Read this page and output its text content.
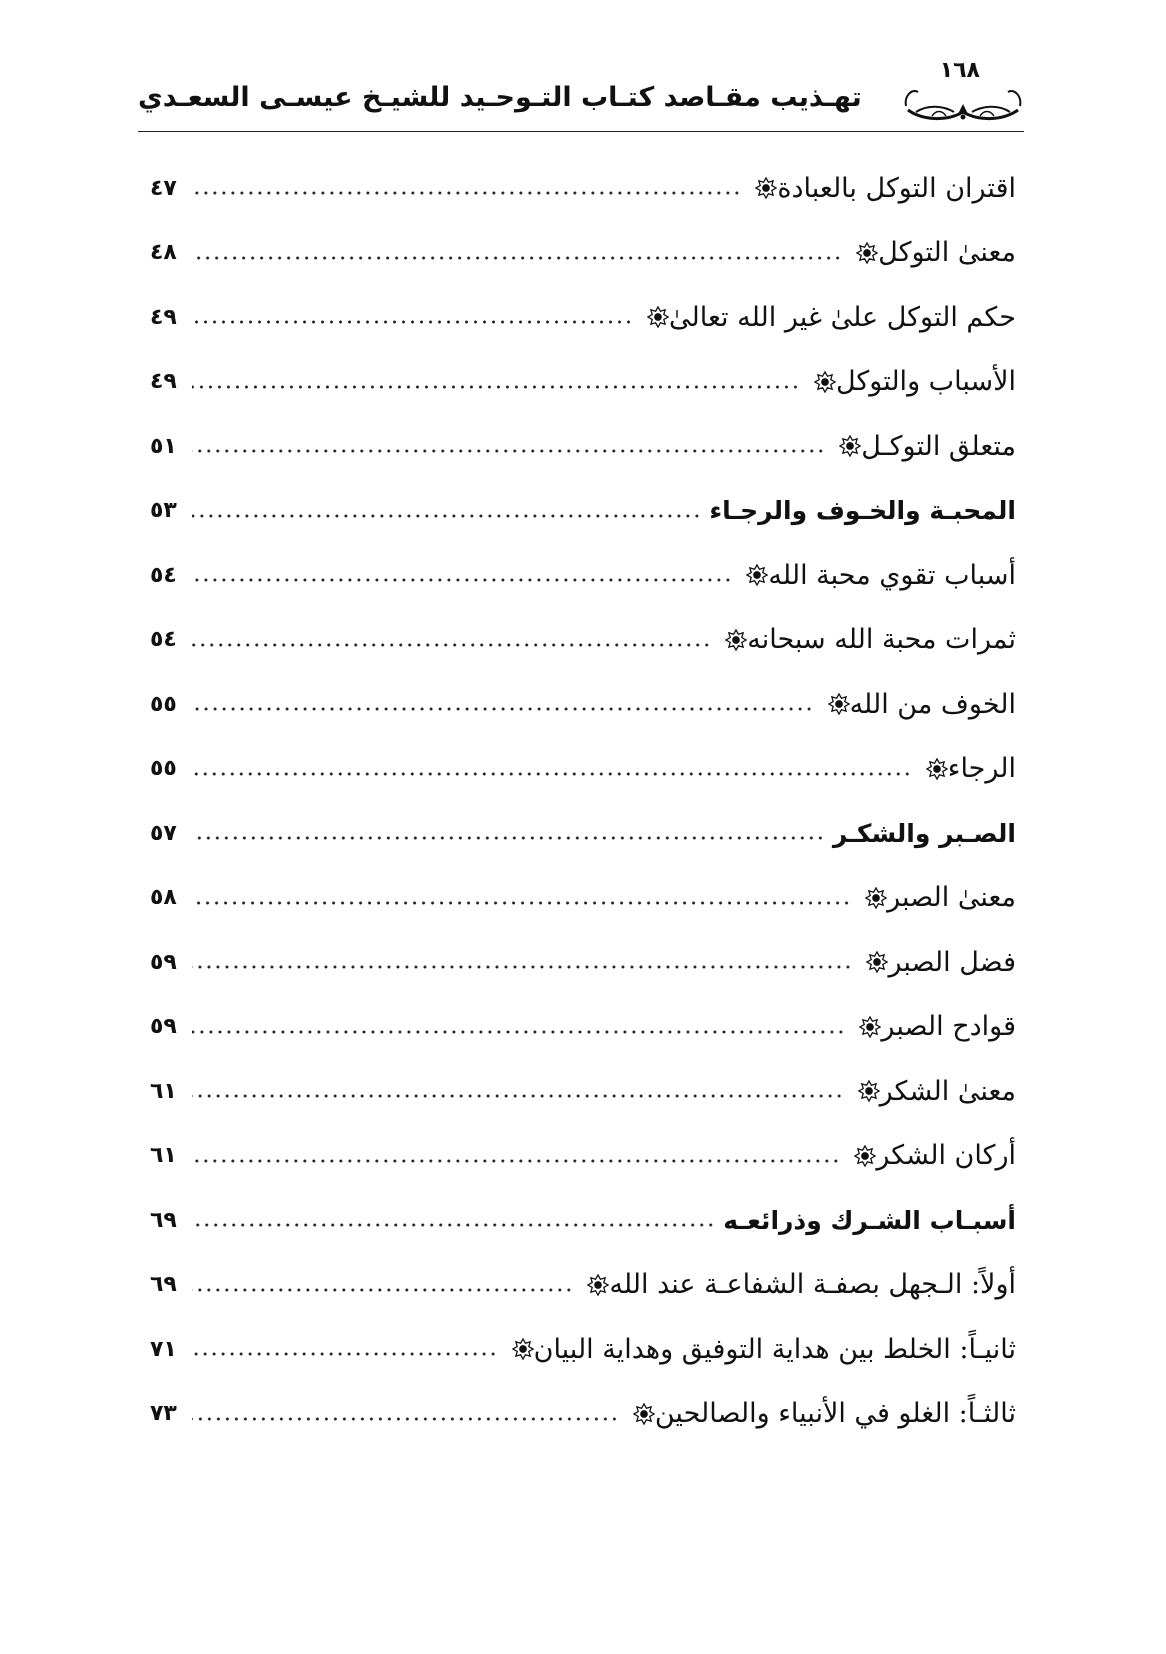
تهـذيب مقـاصد كتـاب التـوحـيد للشيـخ عيسـى السعـدي
١٦٨
٤٧	اقتران التوكل بالعبادة
٤٨	معنىٰ التوكل
٤٩	حكم التوكل علىٰ غير الله تعالىٰ
٤٩	الأسباب والتوكل
٥١	متعلق التوكـل
٥٣	المحبـة والخـوف والرجـاء
٥٤	أسباب تقوي محبة الله
٥٤	ثمرات محبة الله سبحانه
٥٥	الخوف من الله
٥٥	الرجاء
٥٧	الصـبر والشكـر
٥٨	معنىٰ الصبر
٥٩	فضل الصبر
٥٩	قوادح الصبر
٦١	معنىٰ الشكر
٦١	أركان الشكر
٦٩	أسبـاب الشـرك وذرائعـه
٦٩	أولاً: الـجهل بصفـة الشفاعـة عند الله
٧١	ثانيـاً: الخلط بين هداية التوفيق وهداية البيان
٧٣	ثالثـاً: الغلو في الأنبياء والصالحين
